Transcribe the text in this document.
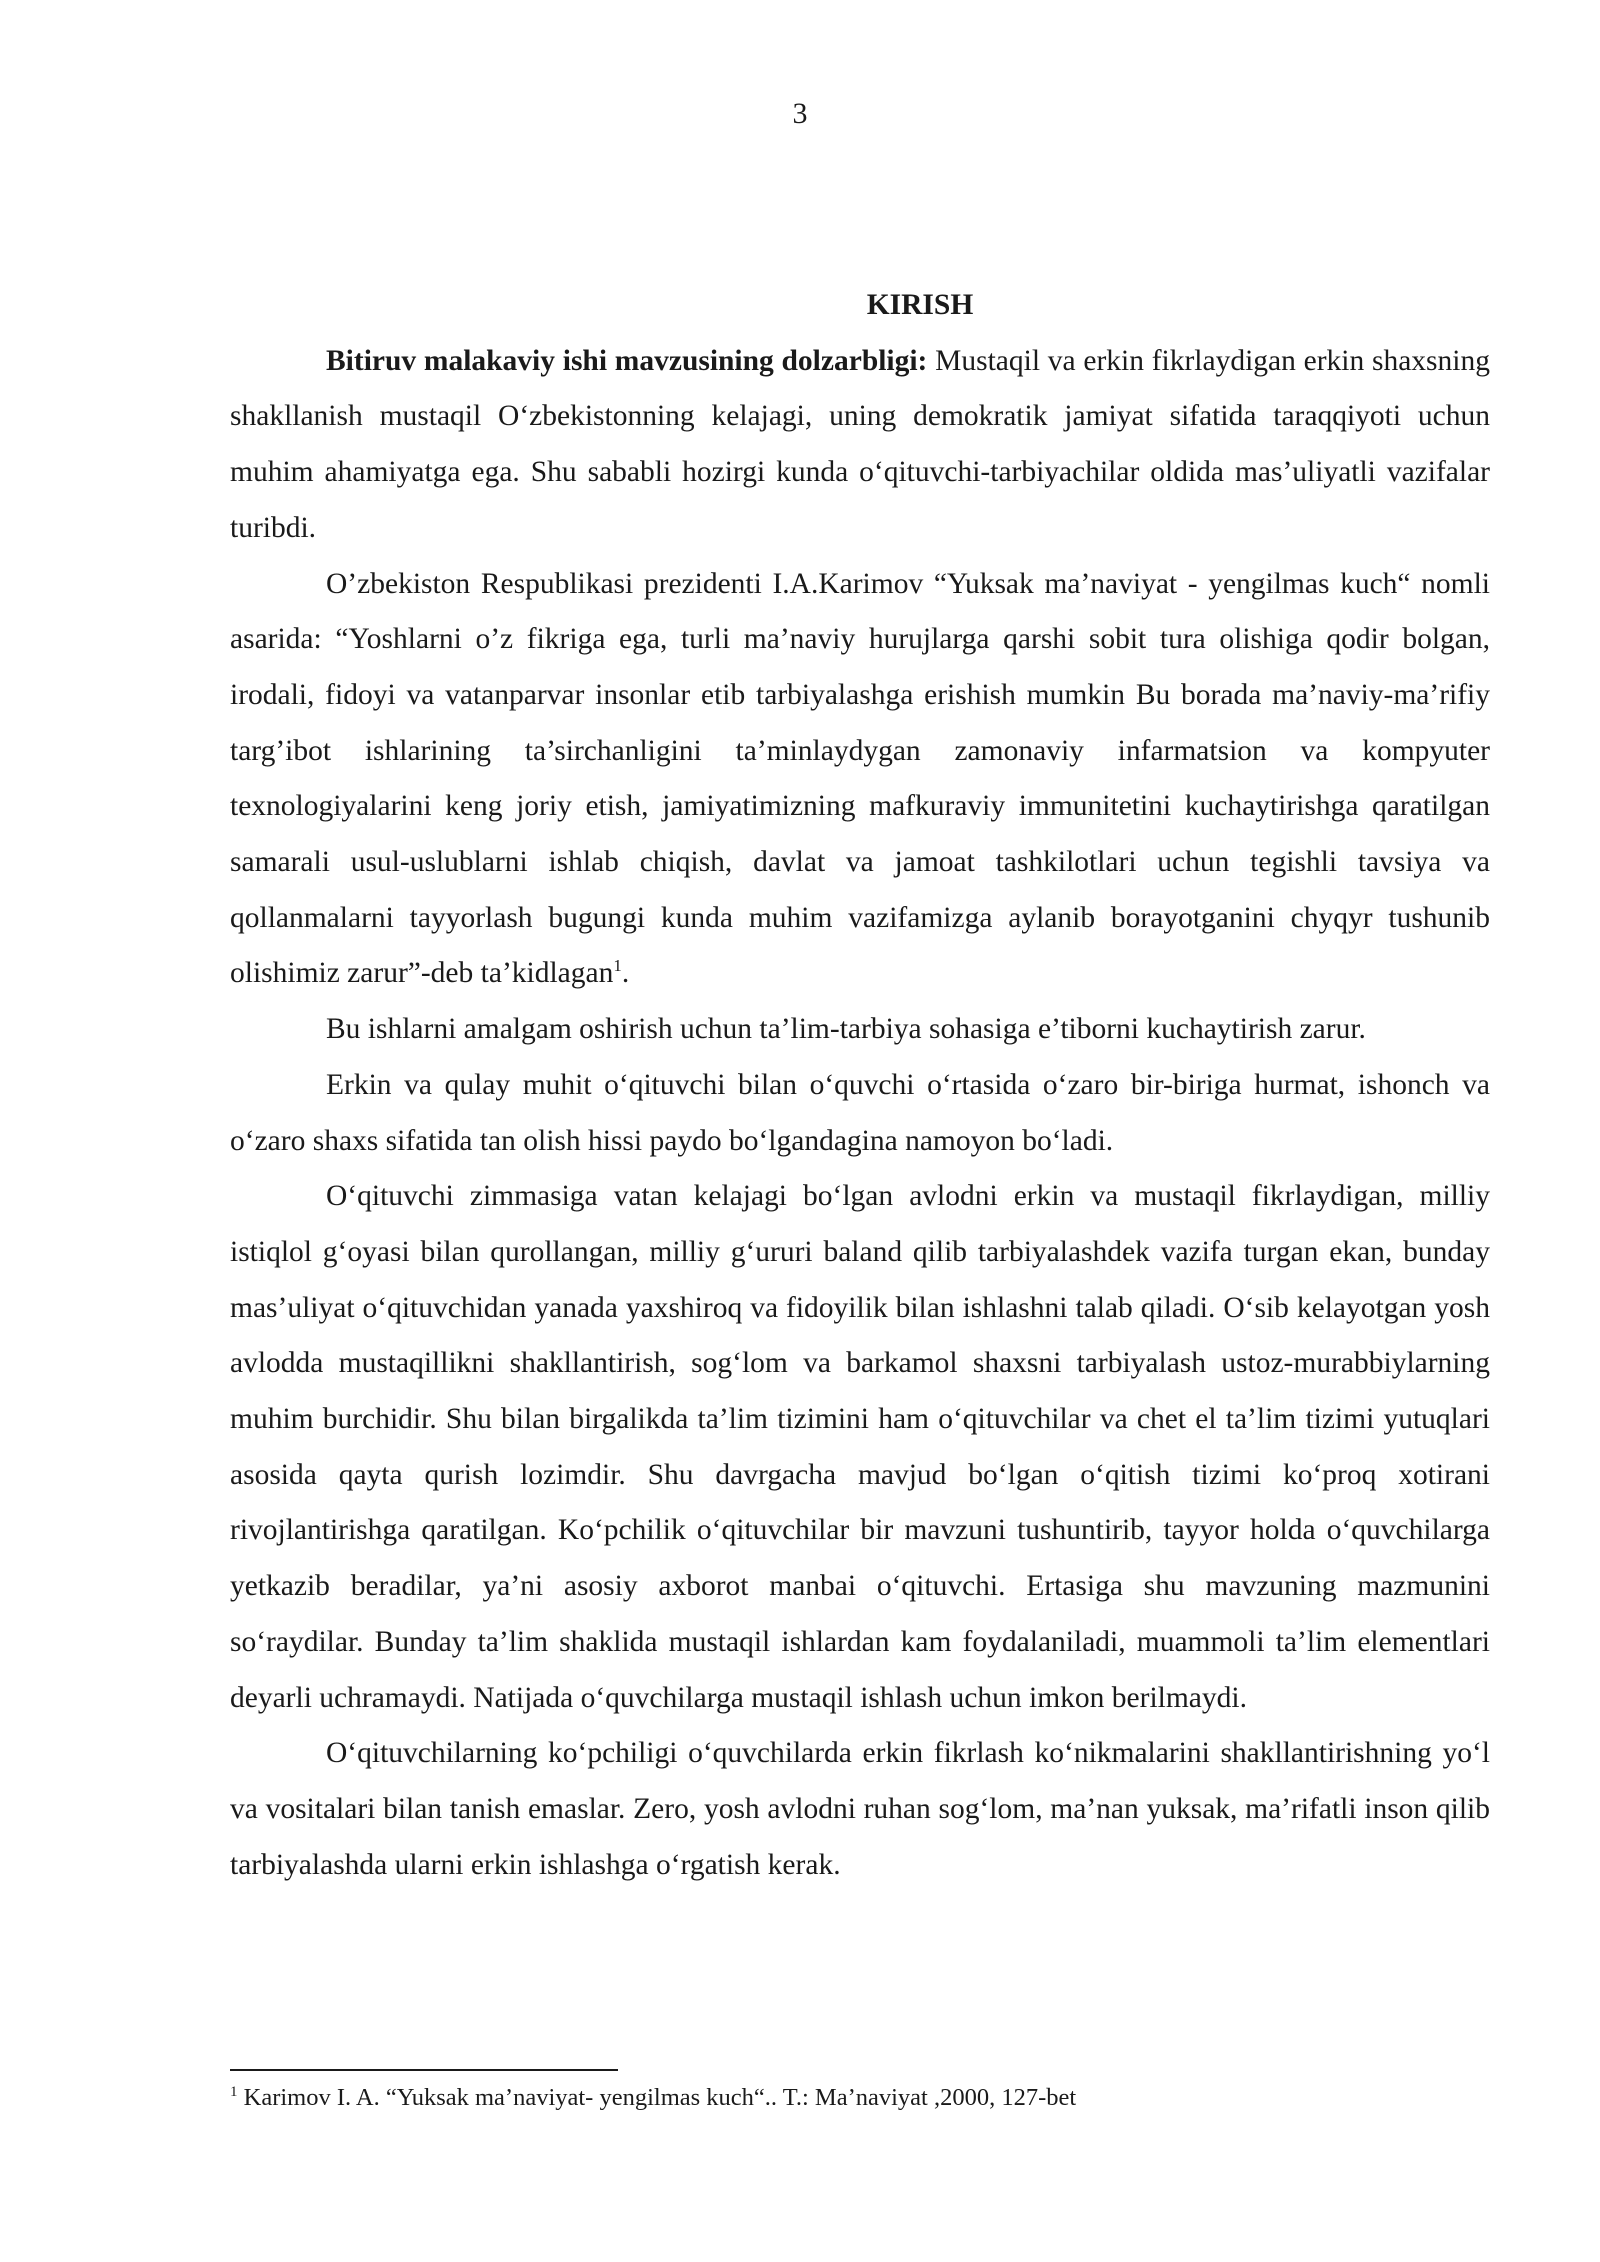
3

KIRISH

Bitiruv malakaviy ishi mavzusining dolzarbligi: Mustaqil va erkin fikrlaydigan erkin shaxsning shakllanish mustaqil O‘zbekistonning kelajagi, uning demokratik jamiyat sifatida taraqqiyoti uchun muhim ahamiyatga ega. Shu sababli hozirgi kunda o‘qituvchi-tarbiyachilar oldida mas’uliyatli vazifalar turibdi.

O’zbekiston Respublikasi prezidenti I.A.Karimov “Yuksak ma’naviyat - yengilmas kuch“ nomli asarida: “Yoshlarni o’z fikriga ega, turli ma’naviy hurujlarga qarshi sobit tura olishiga qodir bolgan, irodali, fidoyi va vatanparvar insonlar etib tarbiyalashga erishish mumkin Bu borada ma’naviy-ma’rifiy targ’ibot ishlarining ta’sirchanligini ta’minlaydygan zamonaviy infarmatsion va kompyuter texnologiyalarini keng joriy etish, jamiyatimizning mafkuraviy immunitetini kuchaytirishga qaratilgan samarali usul-uslublarni ishlab chiqish, davlat va jamoat tashkilotlari uchun tegishli tavsiya va qollanmalarni tayyorlash bugungi kunda muhim vazifamizga aylanib borayotganini chyqyr tushunib olishimiz zarur”-deb ta’kidlagan$^1$.

Bu ishlarni amalgam oshirish uchun ta’lim-tarbiya sohasiga e’tiborni kuchaytirish zarur.

Erkin va qulay muhit o‘qituvchi bilan o‘quvchi o‘rtasida o‘zaro bir-biriga hurmat, ishonch va o‘zaro shaxs sifatida tan olish hissi paydo bo‘lgandagina namoyon bo‘ladi.

O‘qituvchi zimmasiga vatan kelajagi bo‘lgan avlodni erkin va mustaqil fikrlaydigan, milliy istiqlol g‘oyasi bilan qurollangan, milliy g‘ururi baland qilib tarbiyalashdek vazifa turgan ekan, bunday mas’uliyat o‘qituvchidan yanada yaxshiroq va fidoyilik bilan ishlashni talab qiladi. O‘sib kelayotgan yosh avlodda mustaqillikni shakllantirish, sog‘lom va barkamol shaxsni tarbiyalash ustoz-murabbiylarning muhim burchidir. Shu bilan birgalikda ta’lim tizimini ham o‘qituvchilar va chet el ta’lim tizimi yutuqlari asosida qayta qurish lozimdir. Shu davrgacha mavjud bo‘lgan o‘qitish tizimi ko‘proq xotirani rivojlantirishga qaratilgan. Ko‘pchilik o‘qituvchilar bir mavzuni tushuntirib, tayyor holda o‘quvchilarga yetkazib beradilar, ya’ni asosiy axborot manbai o‘qituvchi. Ertasiga shu mavzuning mazmunini so‘raydilar. Bunday ta’lim shaklida mustaqil ishlardan kam foydalaniladi, muammoli ta’lim elementlari deyarli uchramaydi. Natijada o‘quvchilarga mustaqil ishlash uchun imkon berilmaydi.

O‘qituvchilarning ko‘pchiligi o‘quvchilarda erkin fikrlash ko‘nikmalarini shakllantirishning yo‘l va vositalari bilan tanish emaslar. Zero, yosh avlodni ruhan sog‘lom, ma’nan yuksak, ma’rifatli inson qilib tarbiyalashda ularni erkin ishlashga o‘rgatish kerak.

$^1$ Karimov I. A. “Yuksak ma’naviyat- yengilmas kuch“.. T.: Ma’naviyat ,2000, 127-bet
